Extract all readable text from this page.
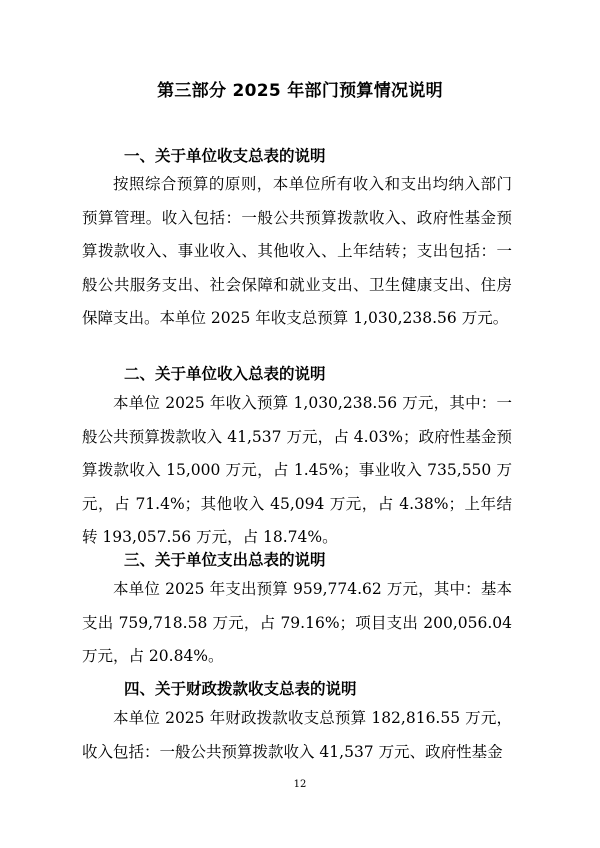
第三部分 2025 年部门预算情况说明
一、关于单位收支总表的说明
按照综合预算的原则，本单位所有收入和支出均纳入部门预算管理。收入包括：一般公共预算拨款收入、政府性基金预算拨款收入、事业收入、其他收入、上年结转；支出包括：一般公共服务支出、社会保障和就业支出、卫生健康支出、住房保障支出。本单位 2025 年收支总预算 1,030,238.56 万元。
二、关于单位收入总表的说明
本单位 2025 年收入预算 1,030,238.56 万元，其中：一般公共预算拨款收入 41,537 万元，占 4.03%；政府性基金预算拨款收入 15,000 万元，占 1.45%；事业收入 735,550 万元，占 71.4%；其他收入 45,094 万元，占 4.38%；上年结转 193,057.56 万元，占 18.74%。
三、关于单位支出总表的说明
本单位 2025 年支出预算 959,774.62 万元，其中：基本支出 759,718.58 万元，占 79.16%；项目支出 200,056.04 万元，占 20.84%。
四、关于财政拨款收支总表的说明
本单位 2025 年财政拨款收支总预算 182,816.55 万元，收入包括：一般公共预算拨款收入 41,537 万元、政府性基金
12
